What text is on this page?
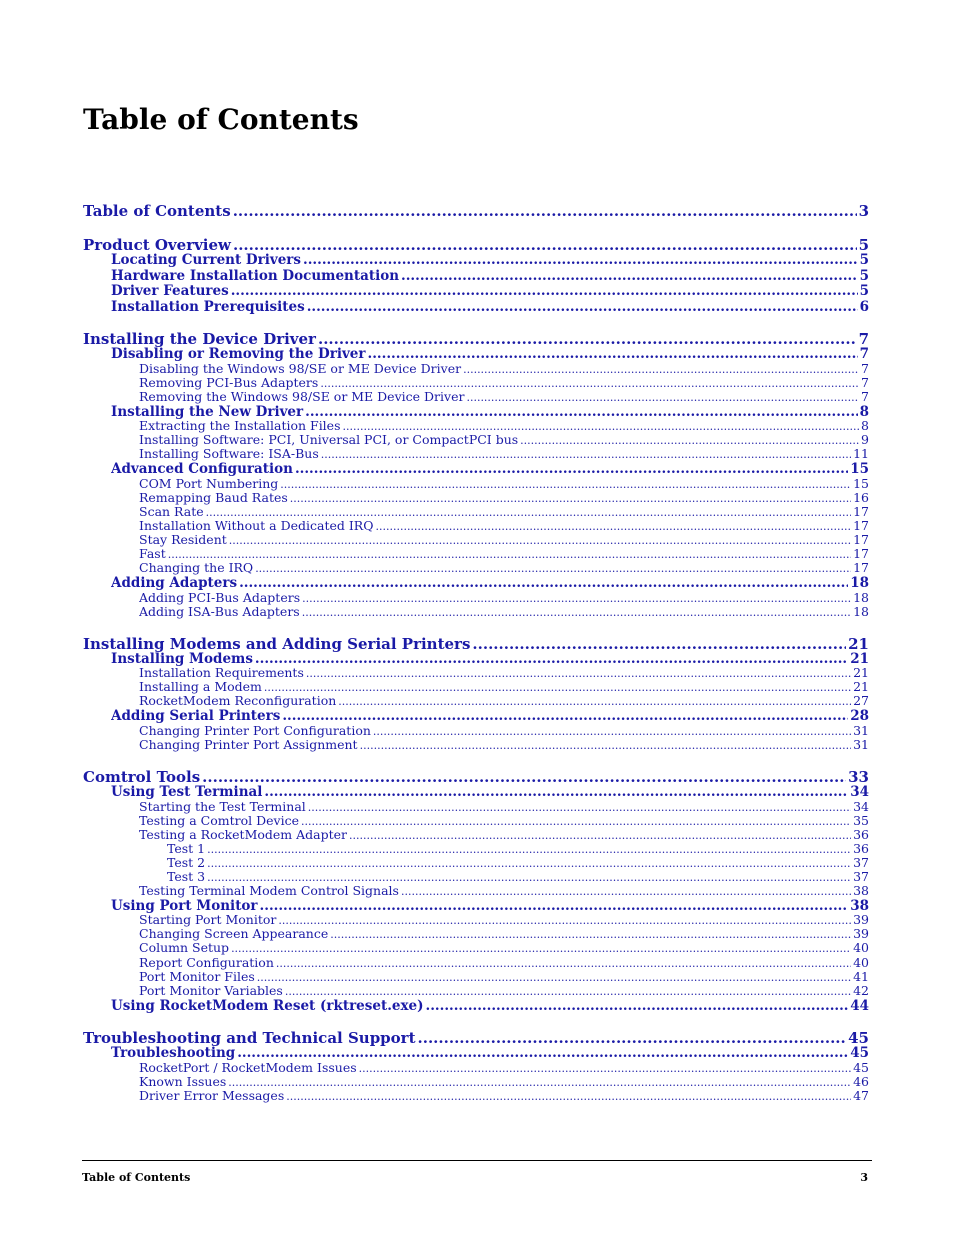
Table of Contents
Table of Contents .....	3
Product Overview .....	5
Locating Current Drivers .....	5
Hardware Installation Documentation .....	5
Driver Features .....	5
Installation Prerequisites .....	6
Installing the Device Driver .....	7
Disabling or Removing the Driver .....	7
Disabling the Windows 98/SE or ME Device Driver .....	7
Removing PCI-Bus Adapters .....	7
Removing the Windows 98/SE or ME Device Driver .....	7
Installing the New Driver .....	8
Extracting the Installation Files .....	8
Installing Software: PCI, Universal PCI, or CompactPCI bus .....	9
Installing Software: ISA-Bus .....	11
Advanced Configuration .....	15
COM Port Numbering .....	15
Remapping Baud Rates .....	16
Scan Rate .....	17
Installation Without a Dedicated IRQ .....	17
Stay Resident .....	17
Fast .....	17
Changing the IRQ .....	17
Adding Adapters .....	18
Adding PCI-Bus Adapters .....	18
Adding ISA-Bus Adapters .....	18
Installing Modems and Adding Serial Printers .....	21
Installing Modems .....	21
Installation Requirements .....	21
Installing a Modem .....	21
RocketModem Reconfiguration .....	27
Adding Serial Printers .....	28
Changing Printer Port Configuration .....	31
Changing Printer Port Assignment .....	31
Comtrol Tools .....	33
Using Test Terminal .....	34
Starting the Test Terminal .....	34
Testing a Comtrol Device .....	35
Testing a RocketModem Adapter .....	36
Test 1 .....	36
Test 2 .....	37
Test 3 .....	37
Testing Terminal Modem Control Signals .....	38
Using Port Monitor .....	38
Starting Port Monitor .....	39
Changing Screen Appearance .....	39
Column Setup .....	40
Report Configuration .....	40
Port Monitor Files .....	41
Port Monitor Variables .....	42
Using RocketModem Reset (rktreset.exe) .....	44
Troubleshooting and Technical Support .....	45
Troubleshooting .....	45
RocketPort / RocketModem Issues .....	45
Known Issues .....	46
Driver Error Messages .....	47
Table of Contents	3
